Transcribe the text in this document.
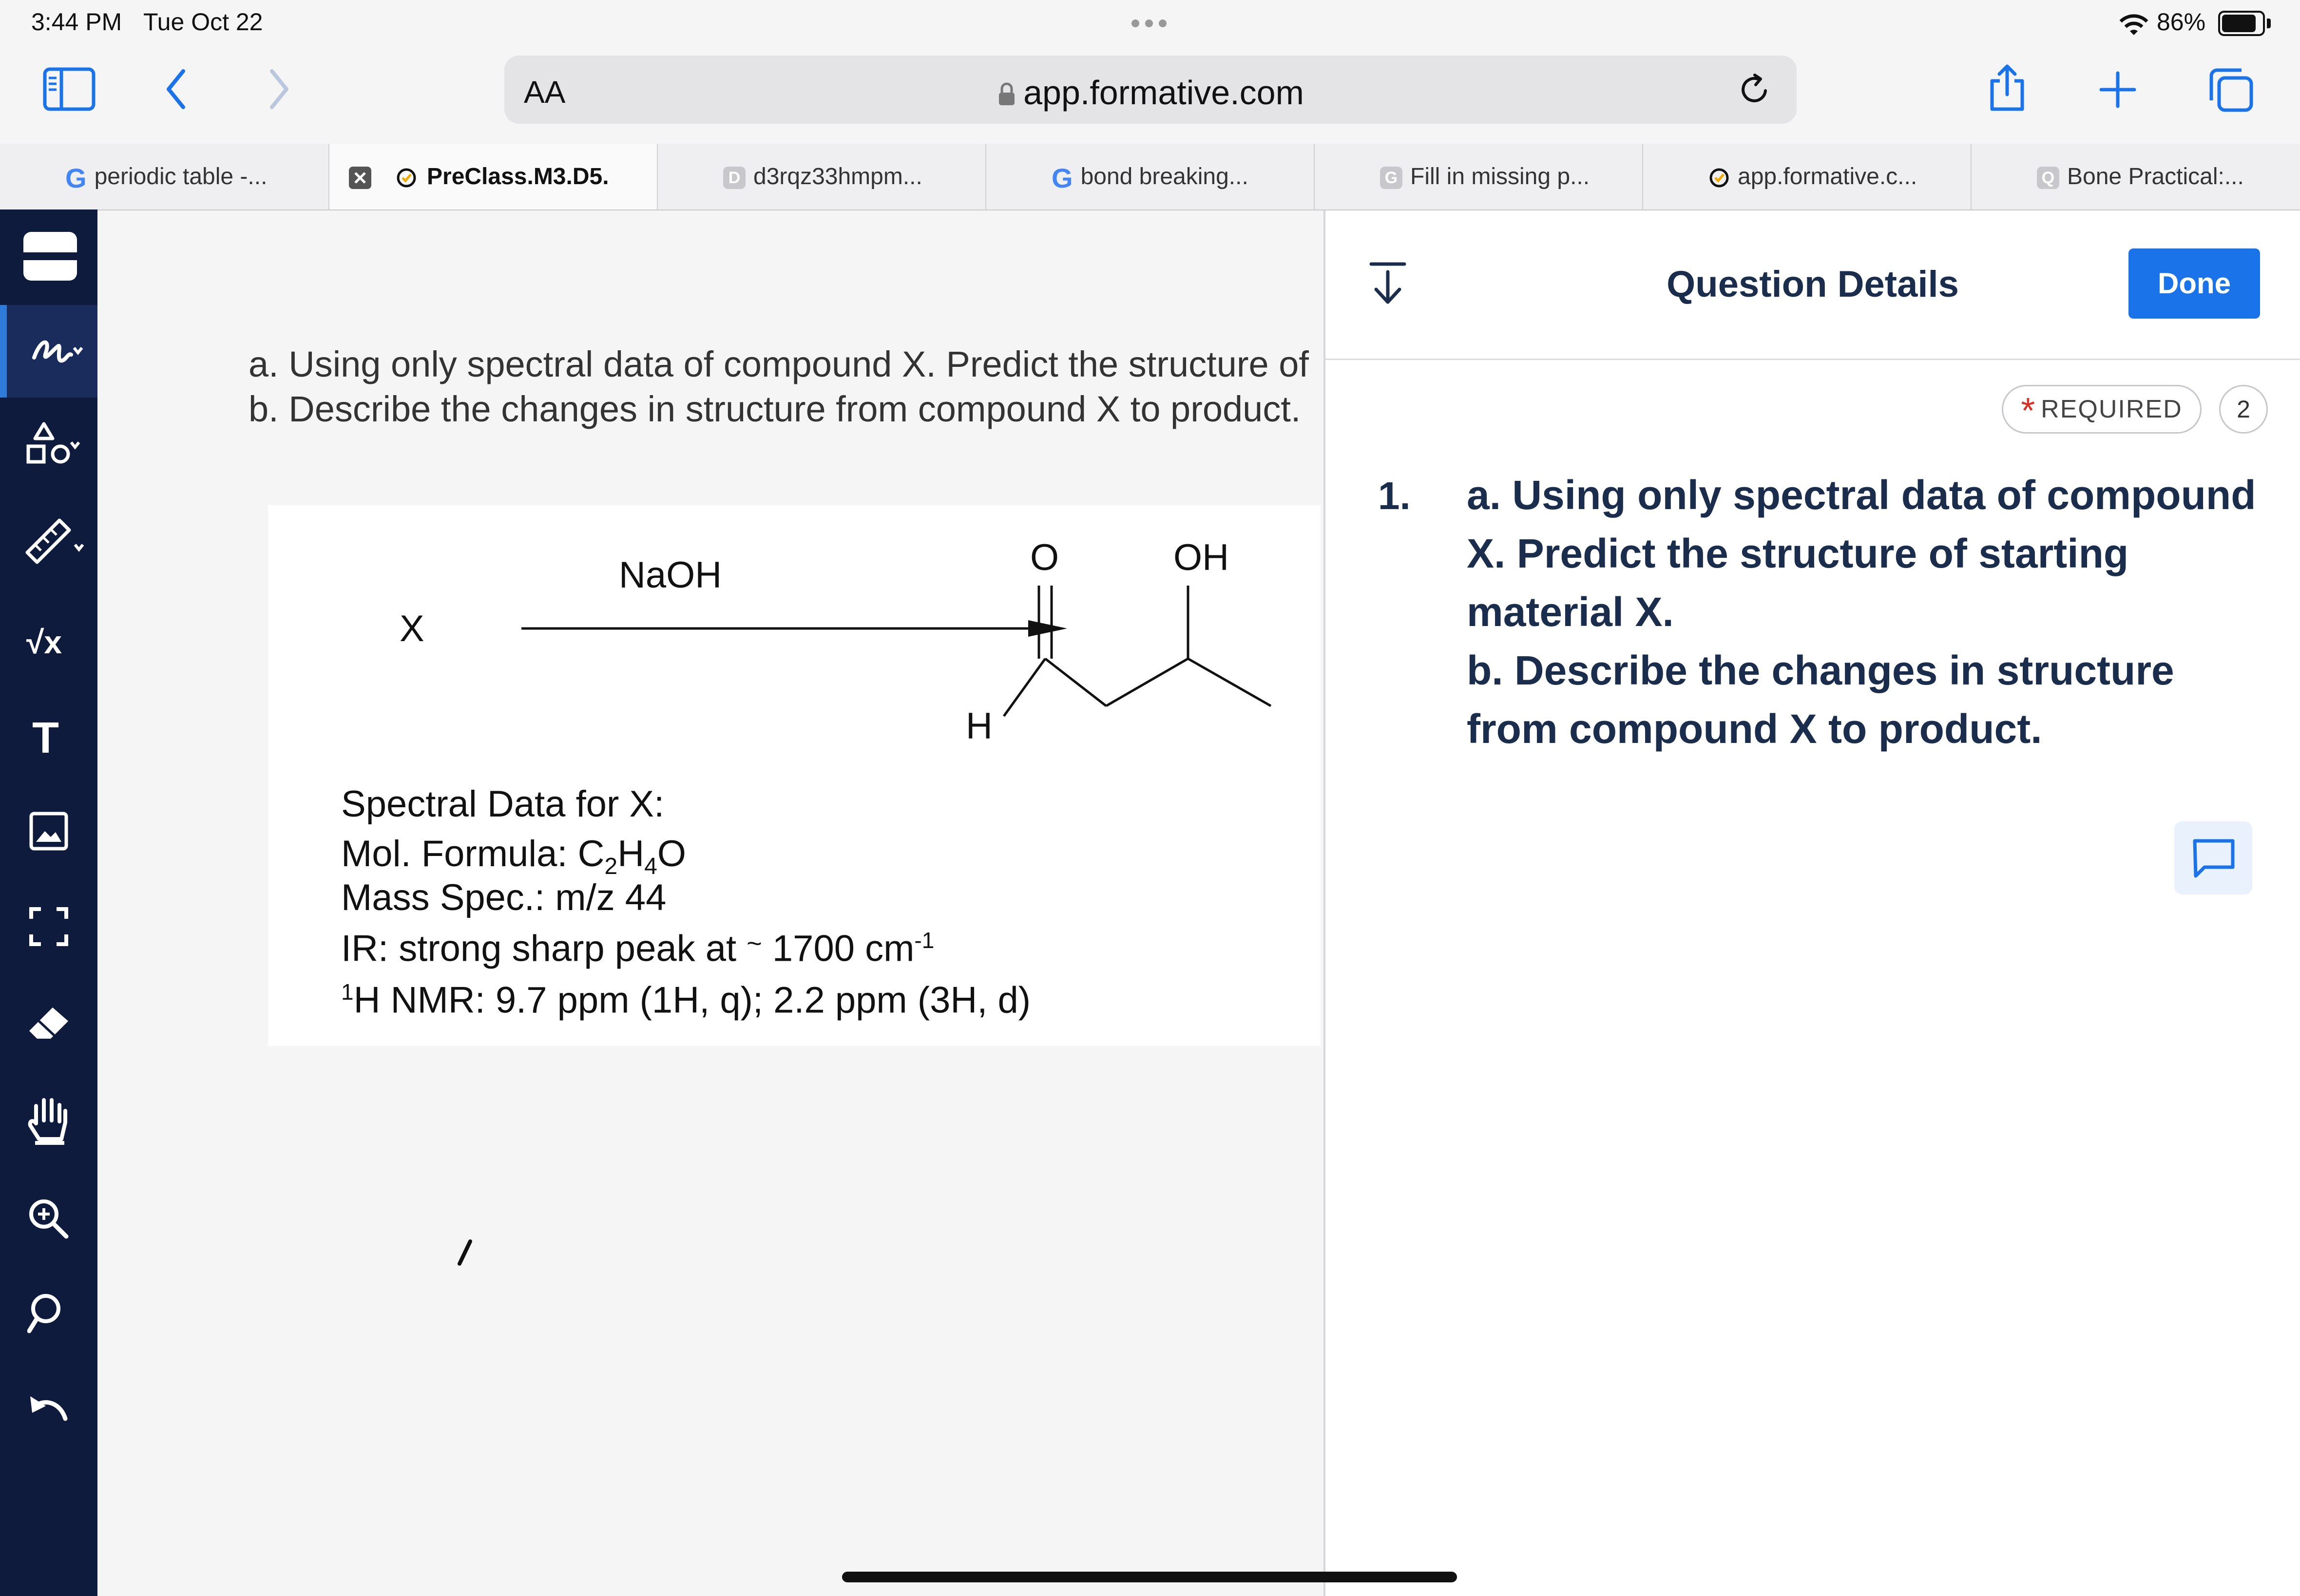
3:44 PM Tue Oct 22	86%
AA	app.formative.com
G periodic table -...	PreClass.M3.D5.	D d3rqz33hmpm...	G bond breaking...	G Fill in missing p...	app.formative.c...	Q Bone Practical:...
√x
T
a. Using only spectral data of compound X. Predict the structure of
b. Describe the changes in structure from compound X to product.
X
NaOH	O	OH
H
Spectral Data for X:
Mol. Formula: $C_2H_4O$
Mass Spec.: m/z 44
IR: strong sharp peak at ~ 1700 $cm^{-1}$
$^1$H NMR: 9.7 ppm (1H, q); 2.2 ppm (3H, d)
Question Details	Done
* REQUIRED	2
1. a. Using only spectral data of compound
X. Predict the structure of starting
material X.
b. Describe the changes in structure
from compound X to product.
